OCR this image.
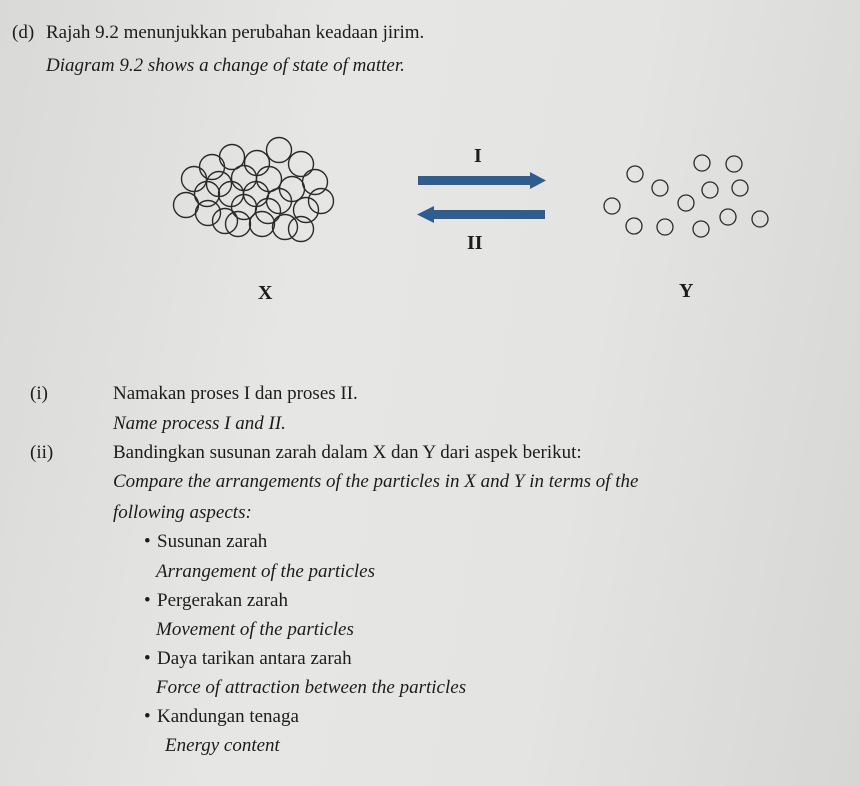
(d) Rajah 9.2 menunjukkan perubahan keadaan jirim.
Diagram 9.2 shows a change of state of matter.
I
II
X	Y
(i)	Namakan proses I dan proses II.
Name process I and II.
(ii)	Bandingkan susunan zarah dalam X dan Y dari aspek berikut:
Compare the arrangements of the particles in X and Y in terms of the
following aspects:
• Susunan zarah
Arrangement of the particles
• Pergerakan zarah
Movement of the particles
• Daya tarikan antara zarah
Force of attraction between the particles
• Kandungan tenaga
Energy content
